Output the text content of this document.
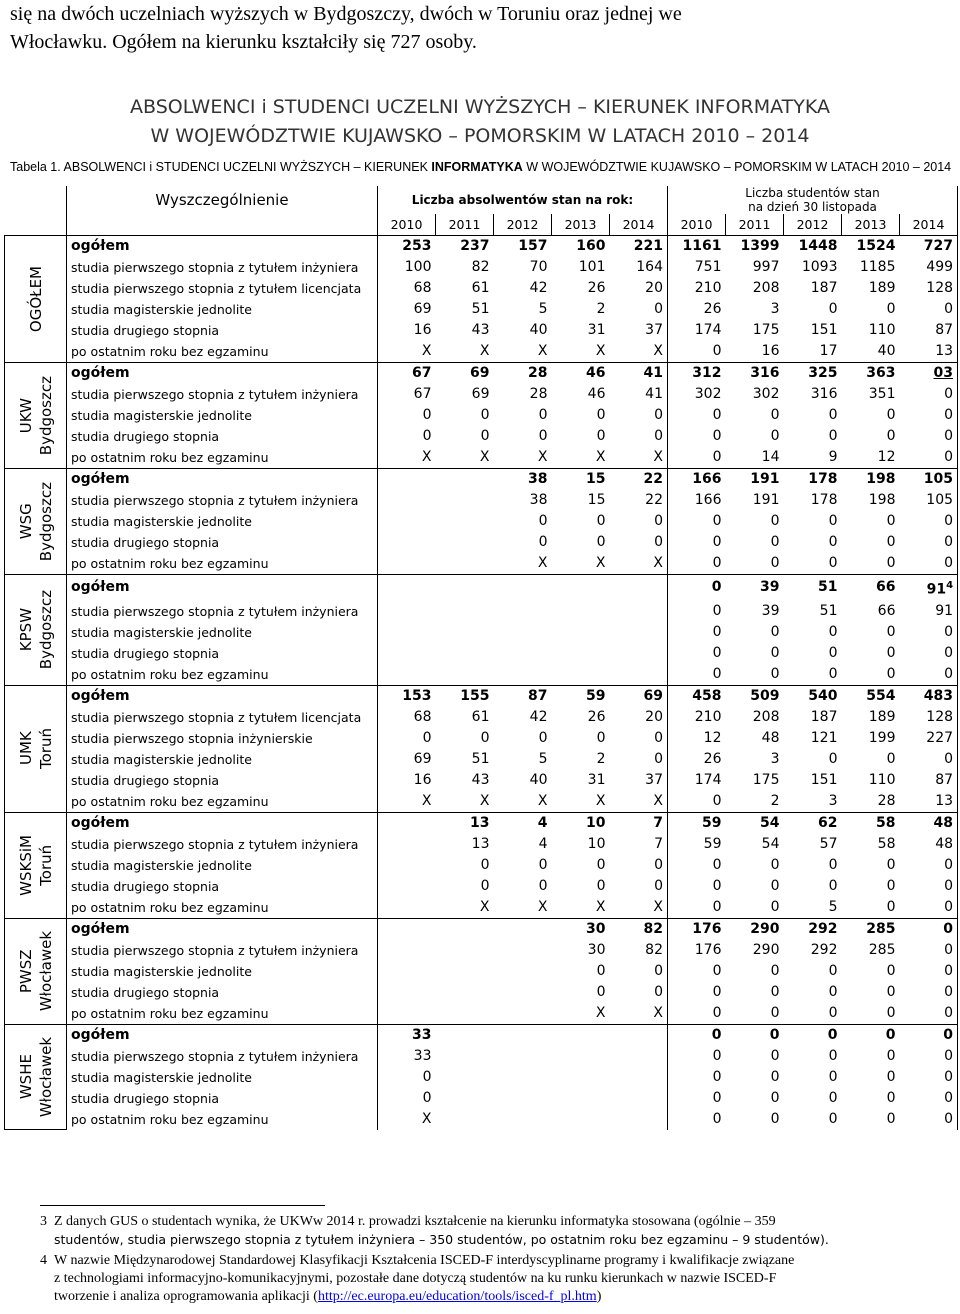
się na dwóch uczelniach wyższych w Bydgoszczy, dwóch w Toruniu oraz jednej we

Włocławku. Ogółem na kierunku kształciły się 727 osoby.

ABSOLWENCI i STUDENCI UCZELNI WYŻSZYCH – KIERUNEK INFORMATYKA
W WOJEWÓDZTWIE KUJAWSKO – POMORSKIM W LATACH 2010 – 2014
Tabela 1. ABSOLWENCI i STUDENCI UCZELNI WYŻSZYCH – KIERUNEK INFORMATYKA W WOJEWÓDZTWIE KUJAWSKO – POMORSKIM W LATACH 2010 – 2014
	Wyszczególnienie	Liczba absolwentów stan na rok:					Liczba studentów stan
na dzień 30 listopada				

		2010	2011	2012	2013	2014	2010	2011	2012	2013	2014

OGÓŁEM	ogółem	253	237	157	160	221	1161	1399	1448	1524	727
	studia pierwszego stopnia z tytułem inżyniera	100	82	70	101	164	751	997	1093	1185	499
	studia pierwszego stopnia z tytułem licencjata	68	61	42	26	20	210	208	187	189	128
	studia magisterskie jednolite	69	51	5	2	0	26	3	0	0	0
	studia drugiego stopnia	16	43	40	31	37	174	175	151	110	87
	po ostatnim roku bez egzaminu	X	X	X	X	X	0	16	17	40	13

UKW Bydgoszcz	ogółem	67	69	28	46	41	312	316	325	363	03
	studia pierwszego stopnia z tytułem inżyniera	67	69	28	46	41	302	302	316	351	0
	studia magisterskie jednolite	0	0	0	0	0	0	0	0	0	0
	studia drugiego stopnia	0	0	0	0	0	0	0	0	0	0
	po ostatnim roku bez egzaminu	X	X	X	X	X	0	14	9	12	0

WSG Bydgoszcz	ogółem			38	15	22	166	191	178	198	105
	studia pierwszego stopnia z tytułem inżyniera			38	15	22	166	191	178	198	105
	studia magisterskie jednolite			0	0	0	0	0	0	0	0
	studia drugiego stopnia			0	0	0	0	0	0	0	0
	po ostatnim roku bez egzaminu			X	X	X	0	0	0	0	0

KPSW Bydgoszcz	ogółem						0	39	51	66	$91^4$
	studia pierwszego stopnia z tytułem inżyniera						0	39	51	66	91
	studia magisterskie jednolite						0	0	0	0	0
	studia drugiego stopnia						0	0	0	0	0
	po ostatnim roku bez egzaminu						0	0	0	0	0

UMK Toruń	ogółem	153	155	87	59	69	458	509	540	554	483
	studia pierwszego stopnia z tytułem licencjata	68	61	42	26	20	210	208	187	189	128
	studia pierwszego stopnia inżynierskie	0	0	0	0	0	12	48	121	199	227
	studia magisterskie jednolite	69	51	5	2	0	26	3	0	0	0
	studia drugiego stopnia	16	43	40	31	37	174	175	151	110	87
	po ostatnim roku bez egzaminu	X	X	X	X	X	0	2	3	28	13

WSKSiM Toruń	ogółem		13	4	10	7	59	54	62	58	48
	studia pierwszego stopnia z tytułem inżyniera		13	4	10	7	59	54	57	58	48
	studia magisterskie jednolite		0	0	0	0	0	0	0	0	0
	studia drugiego stopnia		0	0	0	0	0	0	0	0	0
	po ostatnim roku bez egzaminu		X	X	X	X	0	0	5	0	0

PWSZ Włocławek	ogółem				30	82	176	290	292	285	0
	studia pierwszego stopnia z tytułem inżyniera				30	82	176	290	292	285	0
	studia magisterskie jednolite				0	0	0	0	0	0	0
	studia drugiego stopnia				0	0	0	0	0	0	0
	po ostatnim roku bez egzaminu				X	X	0	0	0	0	0

WSHE Włocławek	ogółem	33					0	0	0	0	0
	studia pierwszego stopnia z tytułem inżyniera	33					0	0	0	0	0
	studia magisterskie jednolite	0					0	0	0	0	0
	studia drugiego stopnia	0					0	0	0	0	0
	po ostatnim roku bez egzaminu	X					0	0	0	0	0

3 Z danych GUS o studentach wynika, że UKWw 2014 r. prowadzi kształcenie na kierunku informatyka stosowana (ogólnie – 359
studentów, studia pierwszego stopnia z tytułem inżyniera – 350 studentów, po ostatnim roku bez egzaminu – 9 studentów).

4 W nazwie Międzynarodowej Standardowej Klasyfikacji Kształcenia ISCED-F interdyscyplinarne programy i kwalifikacje związane
z technologiami informacyjno-komunikacyjnymi, pozostałe dane dotyczą studentów na ku runku kierunkach w nazwie ISCED-F
tworzenie i analiza oprogramowania aplikacji (http://ec.europa.eu/education/tools/isced-f_pl.htm)
